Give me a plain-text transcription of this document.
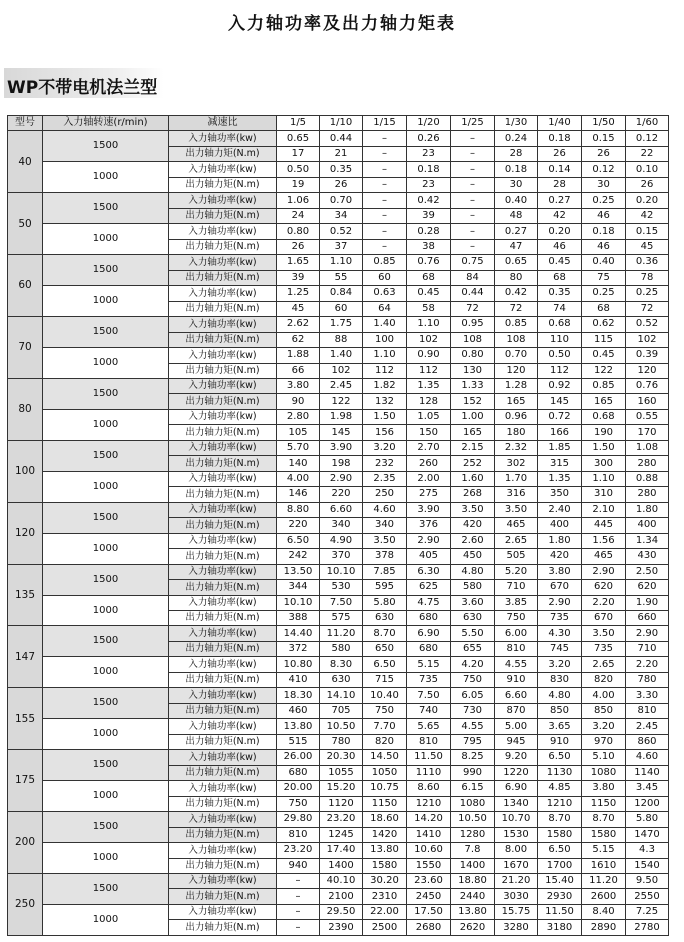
入力轴功率及出力轴力矩表
WP不带电机法兰型
型号	入力轴转速(r/min)	减速比	1/5	1/10	1/15	1/20	1/25	1/30	1/40	1/50	1/60
40	1500	入力轴功率(kw)	0.65	0.44	–	0.26	–	0.24	0.18	0.15	0.12
		出力轴力矩(N.m)	17	21	–	23	–	28	26	26	22
	1000	入力轴功率(kw)	0.50	0.35	–	0.18	–	0.18	0.14	0.12	0.10
		出力轴力矩(N.m)	19	26	–	23	–	30	28	30	26
50	1500	入力轴功率(kw)	1.06	0.70	–	0.42	–	0.40	0.27	0.25	0.20
		出力轴力矩(N.m)	24	34	–	39	–	48	42	46	42
	1000	入力轴功率(kw)	0.80	0.52	–	0.28	–	0.27	0.20	0.18	0.15
		出力轴力矩(N.m)	26	37	–	38	–	47	46	46	45
60	1500	入力轴功率(kw)	1.65	1.10	0.85	0.76	0.75	0.65	0.45	0.40	0.36
		出力轴力矩(N.m)	39	55	60	68	84	80	68	75	78
	1000	入力轴功率(kw)	1.25	0.84	0.63	0.45	0.44	0.42	0.35	0.25	0.25
		出力轴力矩(N.m)	45	60	64	58	72	72	74	68	72
70	1500	入力轴功率(kw)	2.62	1.75	1.40	1.10	0.95	0.85	0.68	0.62	0.52
		出力轴力矩(N.m)	62	88	100	102	108	108	110	115	102
	1000	入力轴功率(kw)	1.88	1.40	1.10	0.90	0.80	0.70	0.50	0.45	0.39
		出力轴力矩(N.m)	66	102	112	112	130	120	112	122	120
80	1500	入力轴功率(kw)	3.80	2.45	1.82	1.35	1.33	1.28	0.92	0.85	0.76
		出力轴力矩(N.m)	90	122	132	128	152	165	145	165	160
	1000	入力轴功率(kw)	2.80	1.98	1.50	1.05	1.00	0.96	0.72	0.68	0.55
		出力轴力矩(N.m)	105	145	156	150	165	180	166	190	170
100	1500	入力轴功率(kw)	5.70	3.90	3.20	2.70	2.15	2.32	1.85	1.50	1.08
		出力轴力矩(N.m)	140	198	232	260	252	302	315	300	280
	1000	入力轴功率(kw)	4.00	2.90	2.35	2.00	1.60	1.70	1.35	1.10	0.88
		出力轴力矩(N.m)	146	220	250	275	268	316	350	310	280
120	1500	入力轴功率(kw)	8.80	6.60	4.60	3.90	3.50	3.50	2.40	2.10	1.80
		出力轴力矩(N.m)	220	340	340	376	420	465	400	445	400
	1000	入力轴功率(kw)	6.50	4.90	3.50	2.90	2.60	2.65	1.80	1.56	1.34
		出力轴力矩(N.m)	242	370	378	405	450	505	420	465	430
135	1500	入力轴功率(kw)	13.50	10.10	7.85	6.30	4.80	5.20	3.80	2.90	2.50
		出力轴力矩(N.m)	344	530	595	625	580	710	670	620	620
	1000	入力轴功率(kw)	10.10	7.50	5.80	4.75	3.60	3.85	2.90	2.20	1.90
		出力轴力矩(N.m)	388	575	630	680	630	750	735	670	660
147	1500	入力轴功率(kw)	14.40	11.20	8.70	6.90	5.50	6.00	4.30	3.50	2.90
		出力轴力矩(N.m)	372	580	650	680	655	810	745	735	710
	1000	入力轴功率(kw)	10.80	8.30	6.50	5.15	4.20	4.55	3.20	2.65	2.20
		出力轴力矩(N.m)	410	630	715	735	750	910	830	820	780
155	1500	入力轴功率(kw)	18.30	14.10	10.40	7.50	6.05	6.60	4.80	4.00	3.30
		出力轴力矩(N.m)	460	705	750	740	730	870	850	850	810
	1000	入力轴功率(kw)	13.80	10.50	7.70	5.65	4.55	5.00	3.65	3.20	2.45
		出力轴力矩(N.m)	515	780	820	810	795	945	910	970	860
175	1500	入力轴功率(kw)	26.00	20.30	14.50	11.50	8.25	9.20	6.50	5.10	4.60
		出力轴力矩(N.m)	680	1055	1050	1110	990	1220	1130	1080	1140
	1000	入力轴功率(kw)	20.00	15.20	10.75	8.60	6.15	6.90	4.85	3.80	3.45
		出力轴力矩(N.m)	750	1120	1150	1210	1080	1340	1210	1150	1200
200	1500	入力轴功率(kw)	29.80	23.20	18.60	14.20	10.50	10.70	8.70	8.70	5.80
		出力轴力矩(N.m)	810	1245	1420	1410	1280	1530	1580	1580	1470
	1000	入力轴功率(kw)	23.20	17.40	13.80	10.60	7.8	8.00	6.50	5.15	4.3
		出力轴力矩(N.m)	940	1400	1580	1550	1400	1670	1700	1610	1540
250	1500	入力轴功率(kw)	–	40.10	30.20	23.60	18.80	21.20	15.40	11.20	9.50
		出力轴力矩(N.m)	–	2100	2310	2450	2440	3030	2930	2600	2550
	1000	入力轴功率(kw)	–	29.50	22.00	17.50	13.80	15.75	11.50	8.40	7.25
		出力轴力矩(N.m)	–	2390	2500	2680	2620	3280	3180	2890	2780
